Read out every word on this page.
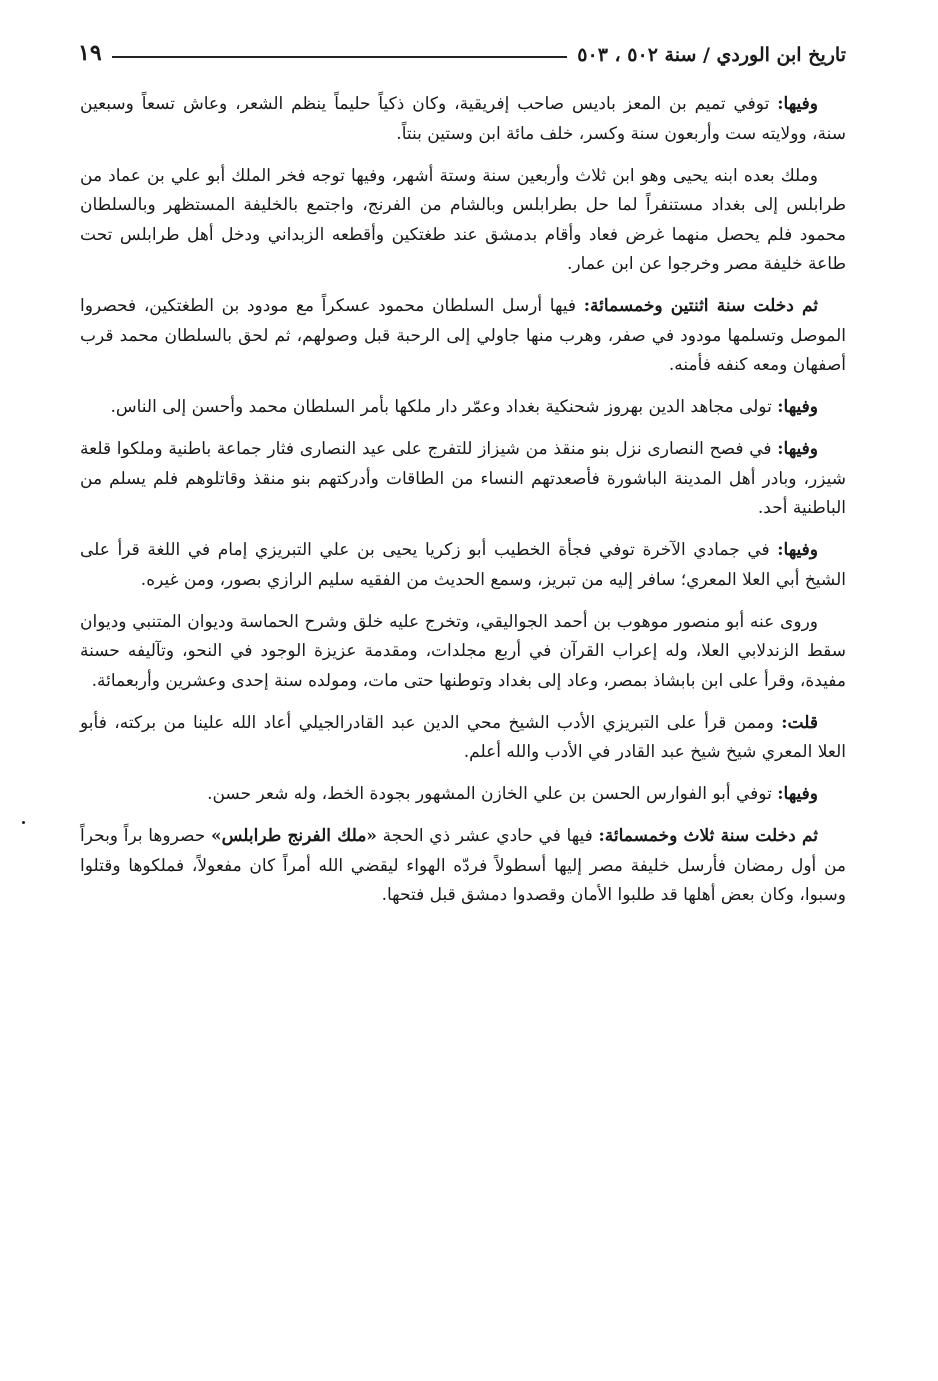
تاريخ ابن الوردي / سنة ٥٠٢ ، ٥٠٣
١٩

وفيها: توفي تميم بن المعز باديس صاحب إفريقية، وكان ذكياً حليماً ينظم الشعر، وعاش تسعاً وسبعين سنة، وولايته ست وأربعون سنة وكسر، خلف مائة ابن وستين بنتاً.

وملك بعده ابنه يحيى وهو ابن ثلاث وأربعين سنة وستة أشهر، وفيها توجه فخر الملك أبو علي بن عماد من طرابلس إلى بغداد مستنفراً لما حل بطرابلس وبالشام من الفرنج، واجتمع بالخليفة المستظهر وبالسلطان محمود فلم يحصل منهما غرض فعاد وأقام بدمشق عند طغتكين وأقطعه الزبداني ودخل أهل طرابلس تحت طاعة خليفة مصر وخرجوا عن ابن عمار.

ثم دخلت سنة اثنتين وخمسمائة: فيها أرسل السلطان محمود عسكراً مع مودود بن الطغتكين، فحصروا الموصل وتسلمها مودود في صفر، وهرب منها جاولي إلى الرحبة قبل وصولهم، ثم لحق بالسلطان محمد قرب أصفهان ومعه كنفه فأمنه.

وفيها: تولى مجاهد الدين بهروز شحنكية بغداد وعمّر دار ملكها بأمر السلطان محمد وأحسن إلى الناس.

وفيها: في فصح النصارى نزل بنو منقذ من شيزاز للتفرج على عيد النصارى فثار جماعة باطنية وملكوا قلعة شيزر، وبادر أهل المدينة الباشورة فأصعدتهم النساء من الطاقات وأدركتهم بنو منقذ وقاتلوهم فلم يسلم من الباطنية أحد.

وفيها: في جمادي الآخرة توفي فجأة الخطيب أبو زكريا يحيى بن علي التبريزي إمام في اللغة قرأ على الشيخ أبي العلا المعري؛ سافر إليه من تبريز، وسمع الحديث من الفقيه سليم الرازي بصور، ومن غيره.

وروى عنه أبو منصور موهوب بن أحمد الجواليقي، وتخرج عليه خلق وشرح الحماسة وديوان المتنبي وديوان سقط الزندلابي العلا، وله إعراب القرآن في أربع مجلدات، ومقدمة عزيزة الوجود في النحو، وتآليفه حسنة مفيدة، وقرأ على ابن بابشاذ بمصر، وعاد إلى بغداد وتوطنها حتى مات، ومولده سنة إحدى وعشرين وأربعمائة.

قلت: وممن قرأ على التبريزي الأدب الشيخ محي الدين عبد القادرالجيلي أعاد الله علينا من بركته، فأبو العلا المعري شيخ شيخ عبد القادر في الأدب والله أعلم.

وفيها: توفي أبو الفوارس الحسن بن علي الخازن المشهور بجودة الخط، وله شعر حسن.

ثم دخلت سنة ثلاث وخمسمائة: فيها في حادي عشر ذي الحجة «ملك الفرنج طرابلس» حصروها براً وبحراً من أول رمضان فأرسل خليفة مصر إليها أسطولاً فردّه الهواء ليقضي الله أمراً كان مفعولاً، فملكوها وقتلوا وسبوا، وكان بعض أهلها قد طلبوا الأمان وقصدوا دمشق قبل فتحها.
